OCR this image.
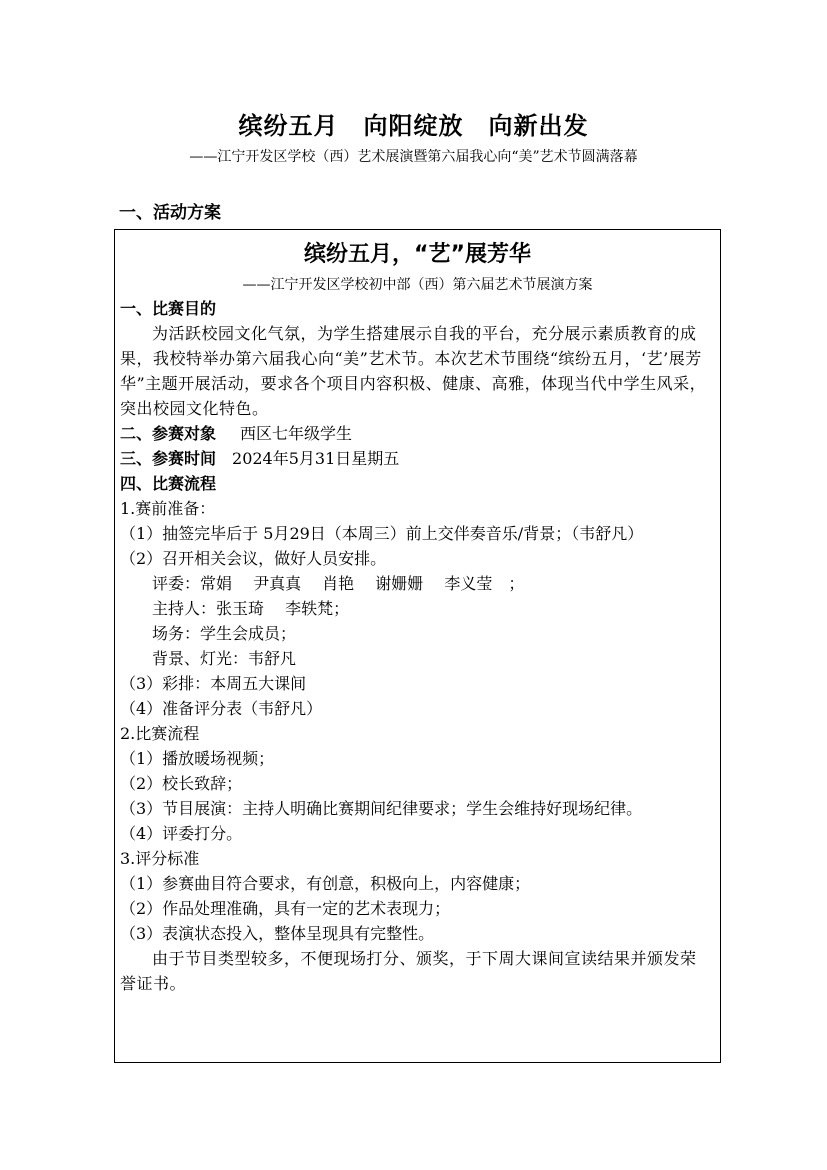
缤纷五月　向阳绽放　向新出发
——江宁开发区学校（西）艺术展演暨第六届我心向“美”艺术节圆满落幕
一、活动方案
缤纷五月，“艺”展芳华
——江宁开发区学校初中部（西）第六届艺术节展演方案
一、比赛目的
为活跃校园文化气氛，为学生搭建展示自我的平台，充分展示素质教育的成果，我校特举办第六届我心向“美”艺术节。本次艺术节围绕“缤纷五月，‘艺’展芳华”主题开展活动，要求各个项目内容积极、健康、高雅，体现当代中学生风采，突出校园文化特色。
二、参赛对象 西区七年级学生
三、参赛时间 2024年5月31日星期五
四、比赛流程
1.赛前准备：
（1）抽签完毕后于 5月29日（本周三）前上交伴奏音乐/背景；（韦舒凡）
（2）召开相关会议，做好人员安排。
评委：常娟　 尹真真　 肖艳　 谢姗姗　 李义莹　；
主持人：张玉琦　 李轶梵；
场务：学生会成员；
背景、灯光：韦舒凡
（3）彩排：本周五大课间
（4）准备评分表（韦舒凡）
2.比赛流程
（1）播放暖场视频；
（2）校长致辞；
（3）节目展演：主持人明确比赛期间纪律要求；学生会维持好现场纪律。
（4）评委打分。
3.评分标准
（1）参赛曲目符合要求，有创意，积极向上，内容健康；
（2）作品处理准确，具有一定的艺术表现力；
（3）表演状态投入，整体呈现具有完整性。
由于节目类型较多，不便现场打分、颁奖，于下周大课间宣读结果并颁发荣誉证书。
